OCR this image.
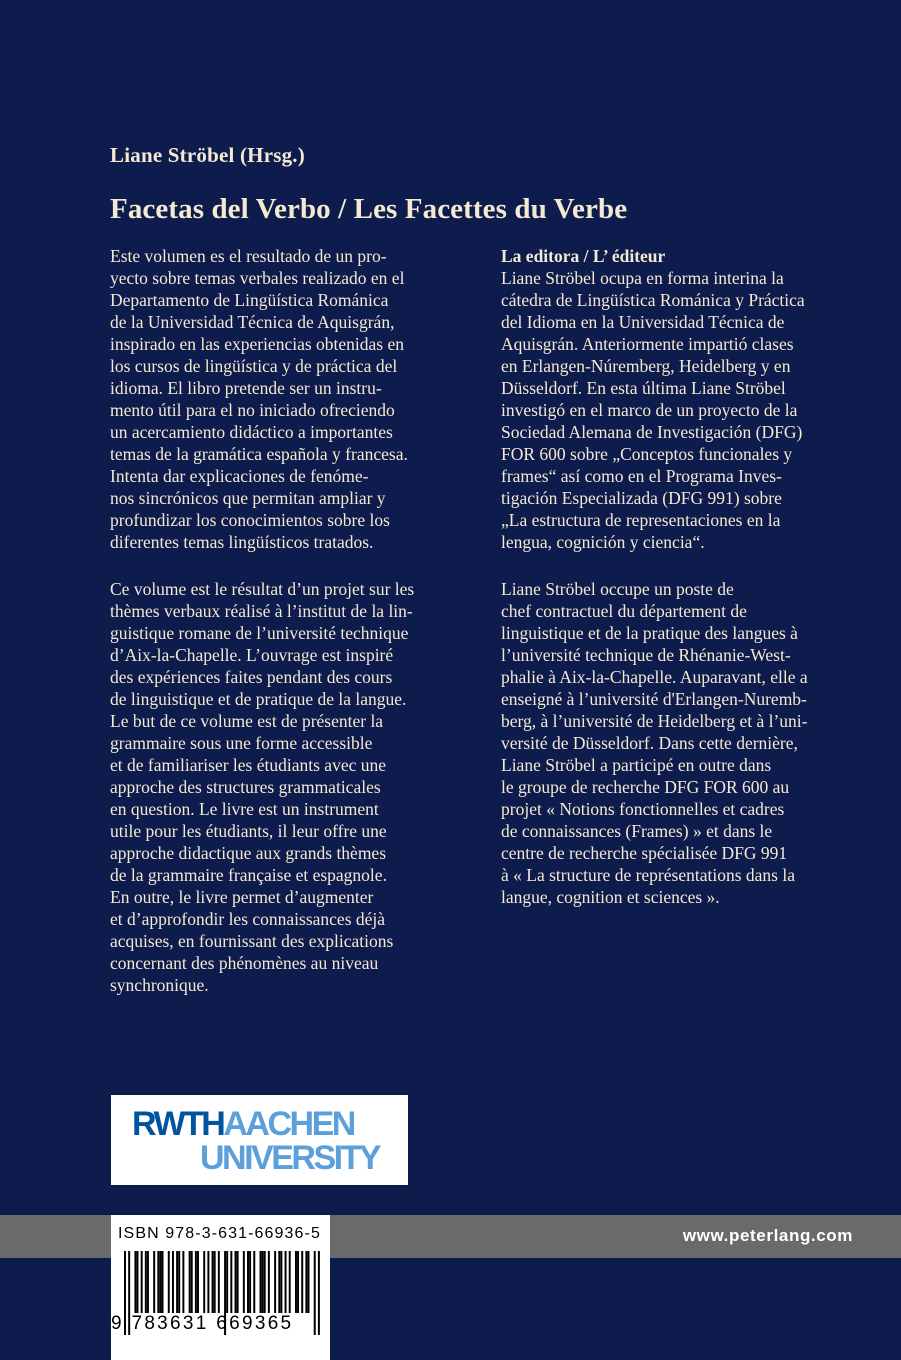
Liane Ströbel (Hrsg.)
Facetas del Verbo / Les Facettes du Verbe
Este volumen es el resultado de un pro-
yecto sobre temas verbales realizado en el
Departamento de Lingüística Románica
de la Universidad Técnica de Aquisgrán,
inspirado en las experiencias obtenidas en
los cursos de lingüística y de práctica del
idioma. El libro pretende ser un instru-
mento útil para el no iniciado ofreciendo
un acercamiento didáctico a importantes
temas de la gramática española y francesa.
Intenta dar explicaciones de fenóme-
nos sincrónicos que permitan ampliar y
profundizar los conocimientos sobre los
diferentes temas lingüísticos tratados.
Ce volume est le résultat d’un projet sur les
thèmes verbaux réalisé à l’institut de la lin-
guistique romane de l’université technique
d’Aix-la-Chapelle. L’ouvrage est inspiré
des expériences faites pendant des cours
de linguistique et de pratique de la langue.
Le but de ce volume est de présenter la
grammaire sous une forme accessible
et de familiariser les étudiants avec une
approche des structures grammaticales
en question. Le livre est un instrument
utile pour les étudiants, il leur offre une
approche didactique aux grands thèmes
de la grammaire française et espagnole.
En outre, le livre permet d’augmenter
et d’approfondir les connaissances déjà
acquises, en fournissant des explications
concernant des phénomènes au niveau
synchronique.
La editora / L’ éditeur
Liane Ströbel ocupa en forma interina la
cátedra de Lingüística Románica y Práctica
del Idioma en la Universidad Técnica de
Aquisgrán. Anteriormente impartió clases
en Erlangen-Núremberg, Heidelberg y en
Düsseldorf. En esta última Liane Ströbel
investigó en el marco de un proyecto de la
Sociedad Alemana de Investigación (DFG)
FOR 600 sobre „Conceptos funcionales y
frames“ así como en el Programa Inves-
tigación Especializada (DFG 991) sobre
„La estructura de representaciones en la
lengua, cognición y ciencia“.
Liane Ströbel occupe un poste de
chef contractuel du département de
linguistique et de la pratique des langues à
l’université technique de Rhénanie-West-
phalie à Aix-la-Chapelle. Auparavant, elle a
enseigné à l’université d'Erlangen-Nuremb-
berg, à l’université de Heidelberg et à l’uni-
versité de Düsseldorf. Dans cette dernière,
Liane Ströbel a participé en outre dans
le groupe de recherche DFG FOR 600 au
projet « Notions fonctionnelles et cadres
de connaissances (Frames) » et dans le
centre de recherche spécialisée DFG 991
à « La structure de représentations dans la
langue, cognition et sciences ».
RWTHAACHEN
UNIVERSITY
www.peterlang.com
ISBN 978-3-631-66936-5
9 783631 669365
